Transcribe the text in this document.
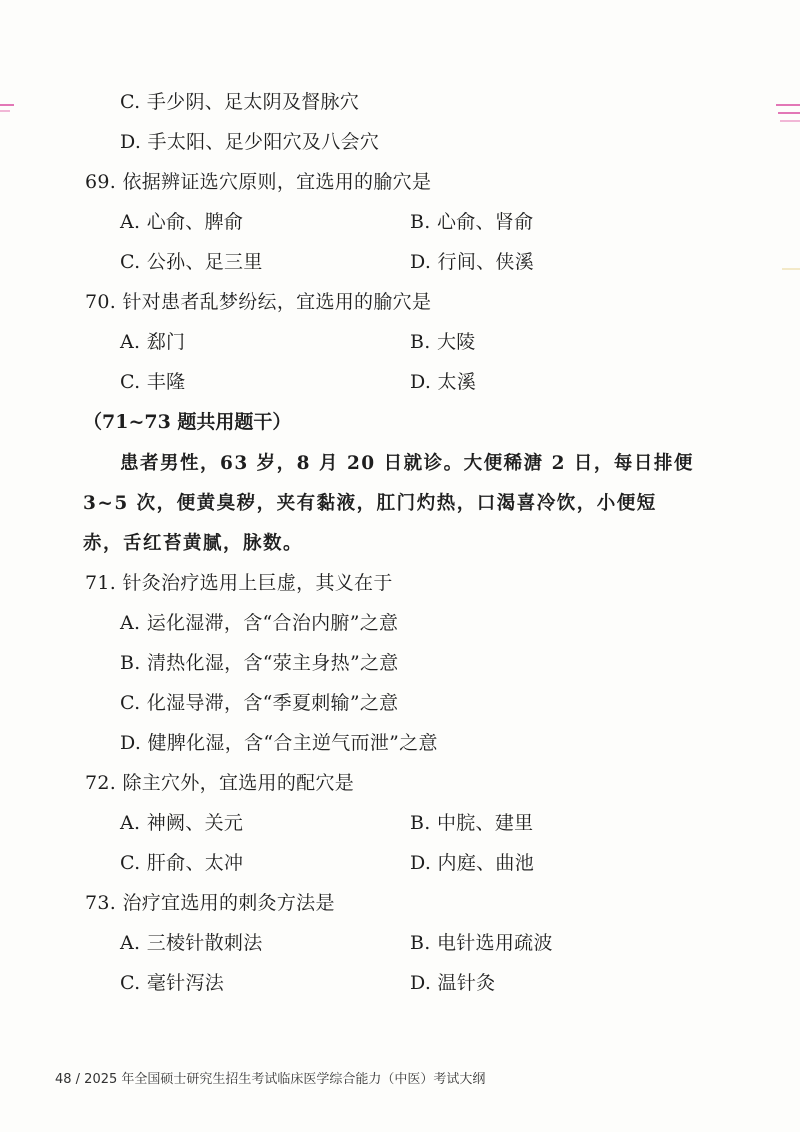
C. 手少阴、足太阴及督脉穴
D. 手太阳、足少阳穴及八会穴
69. 依据辨证选穴原则，宜选用的腧穴是
A. 心俞、脾俞	B. 心俞、肾俞
C. 公孙、足三里	D. 行间、侠溪
70. 针对患者乱梦纷纭，宜选用的腧穴是
A. 郄门	B. 大陵
C. 丰隆	D. 太溪
（71~73 题共用题干）
患者男性，63 岁，8 月 20 日就诊。大便稀溏 2 日，每日排便
3~5 次，便黄臭秽，夹有黏液，肛门灼热，口渴喜冷饮，小便短
赤，舌红苔黄腻，脉数。
71. 针灸治疗选用上巨虚，其义在于
A. 运化湿滞，含“合治内腑”之意
B. 清热化湿，含“荥主身热”之意
C. 化湿导滞，含“季夏刺输”之意
D. 健脾化湿，含“合主逆气而泄”之意
72. 除主穴外，宜选用的配穴是
A. 神阙、关元	B. 中脘、建里
C. 肝俞、太冲	D. 内庭、曲池
73. 治疗宜选用的刺灸方法是
A. 三棱针散刺法	B. 电针选用疏波
C. 毫针泻法	D. 温针灸
48 / 2025 年全国硕士研究生招生考试临床医学综合能力（中医）考试大纲
